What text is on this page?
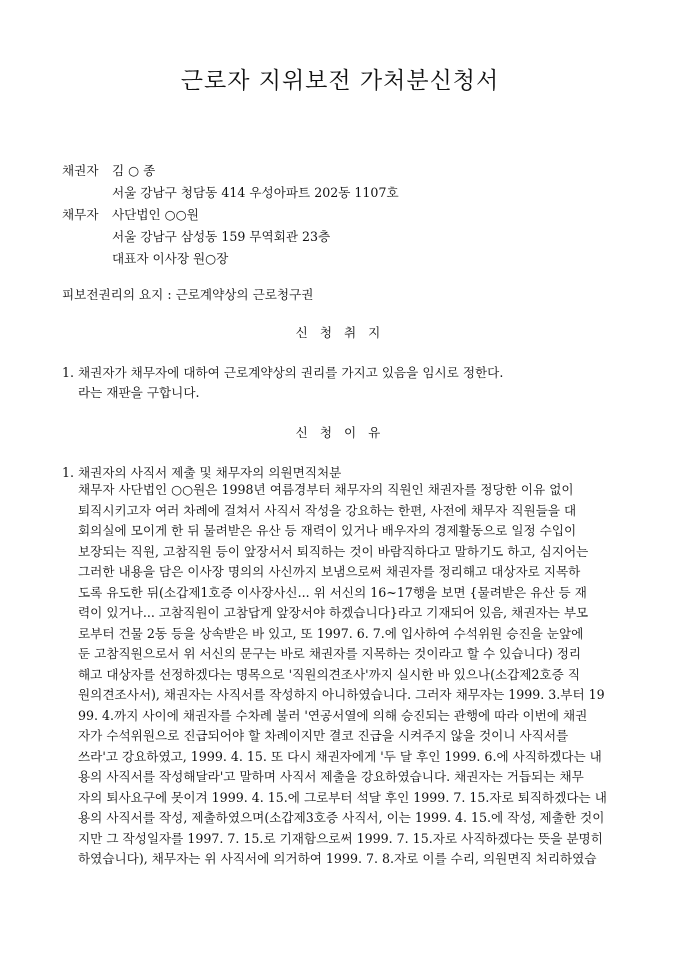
근로자 지위보전 가처분신청서
채권자 김 ○ 종
서울 강남구 청담동 414 우성아파트 202동 1107호
채무자 사단법인 ○○원
서울 강남구 삼성동 159 무역회관 23층
대표자 이사장 원○장
피보전권리의 요지 : 근로계약상의 근로청구권
신 청 취 지
1. 채권자가 채무자에 대하여 근로계약상의 권리를 가지고 있음을 임시로 정한다.
라는 재판을 구합니다.
신 청 이 유
1. 채권자의 사직서 제출 및 채무자의 의원면직처분
채무자 사단법인 ○○원은 1998년 여름경부터 채무자의 직원인 채권자를 정당한 이유 없이
퇴직시키고자 여러 차례에 걸쳐서 사직서 작성을 강요하는 한편, 사전에 채무자 직원들을 대
회의실에 모이게 한 뒤 물려받은 유산 등 재력이 있거나 배우자의 경제활동으로 일정 수입이
보장되는 직원, 고참직원 등이 앞장서서 퇴직하는 것이 바람직하다고 말하기도 하고, 심지어는
그러한 내용을 담은 이사장 명의의 사신까지 보냄으로써 채권자를 정리해고 대상자로 지목하
도록 유도한 뒤(소갑제1호증 이사장사신... 위 서신의 16~17행을 보면 {물려받은 유산 등 재
력이 있거나... 고참직원이 고참답게 앞장서야 하겠습니다}라고 기재되어 있음, 채권자는 부모
로부터 건물 2동 등을 상속받은 바 있고, 또 1997. 6. 7.에 입사하여 수석위원 승진을 눈앞에
둔 고참직원으로서 위 서신의 문구는 바로 채권자를 지목하는 것이라고 할 수 있습니다) 정리
해고 대상자를 선정하겠다는 명목으로 '직원의견조사'까지 실시한 바 있으나(소갑제2호증 직
원의견조사서), 채권자는 사직서를 작성하지 아니하였습니다. 그러자 채무자는 1999. 3.부터 19
99. 4.까지 사이에 채권자를 수차례 불러 '연공서열에 의해 승진되는 관행에 따라 이번에 채권
자가 수석위원으로 진급되어야 할 차례이지만 결코 진급을 시켜주지 않을 것이니 사직서를
쓰라'고 강요하였고, 1999. 4. 15. 또 다시 채권자에게 '두 달 후인 1999. 6.에 사직하겠다는 내
용의 사직서를 작성해달라'고 말하며 사직서 제출을 강요하였습니다. 채권자는 거듭되는 채무
자의 퇴사요구에 못이겨 1999. 4. 15.에 그로부터 석달 후인 1999. 7. 15.자로 퇴직하겠다는 내
용의 사직서를 작성, 제출하였으며(소갑제3호증 사직서, 이는 1999. 4. 15.에 작성, 제출한 것이
지만 그 작성일자를 1997. 7. 15.로 기재함으로써 1999. 7. 15.자로 사직하겠다는 뜻을 분명히
하였습니다), 채무자는 위 사직서에 의거하여 1999. 7. 8.자로 이를 수리, 의원면직 처리하였습
